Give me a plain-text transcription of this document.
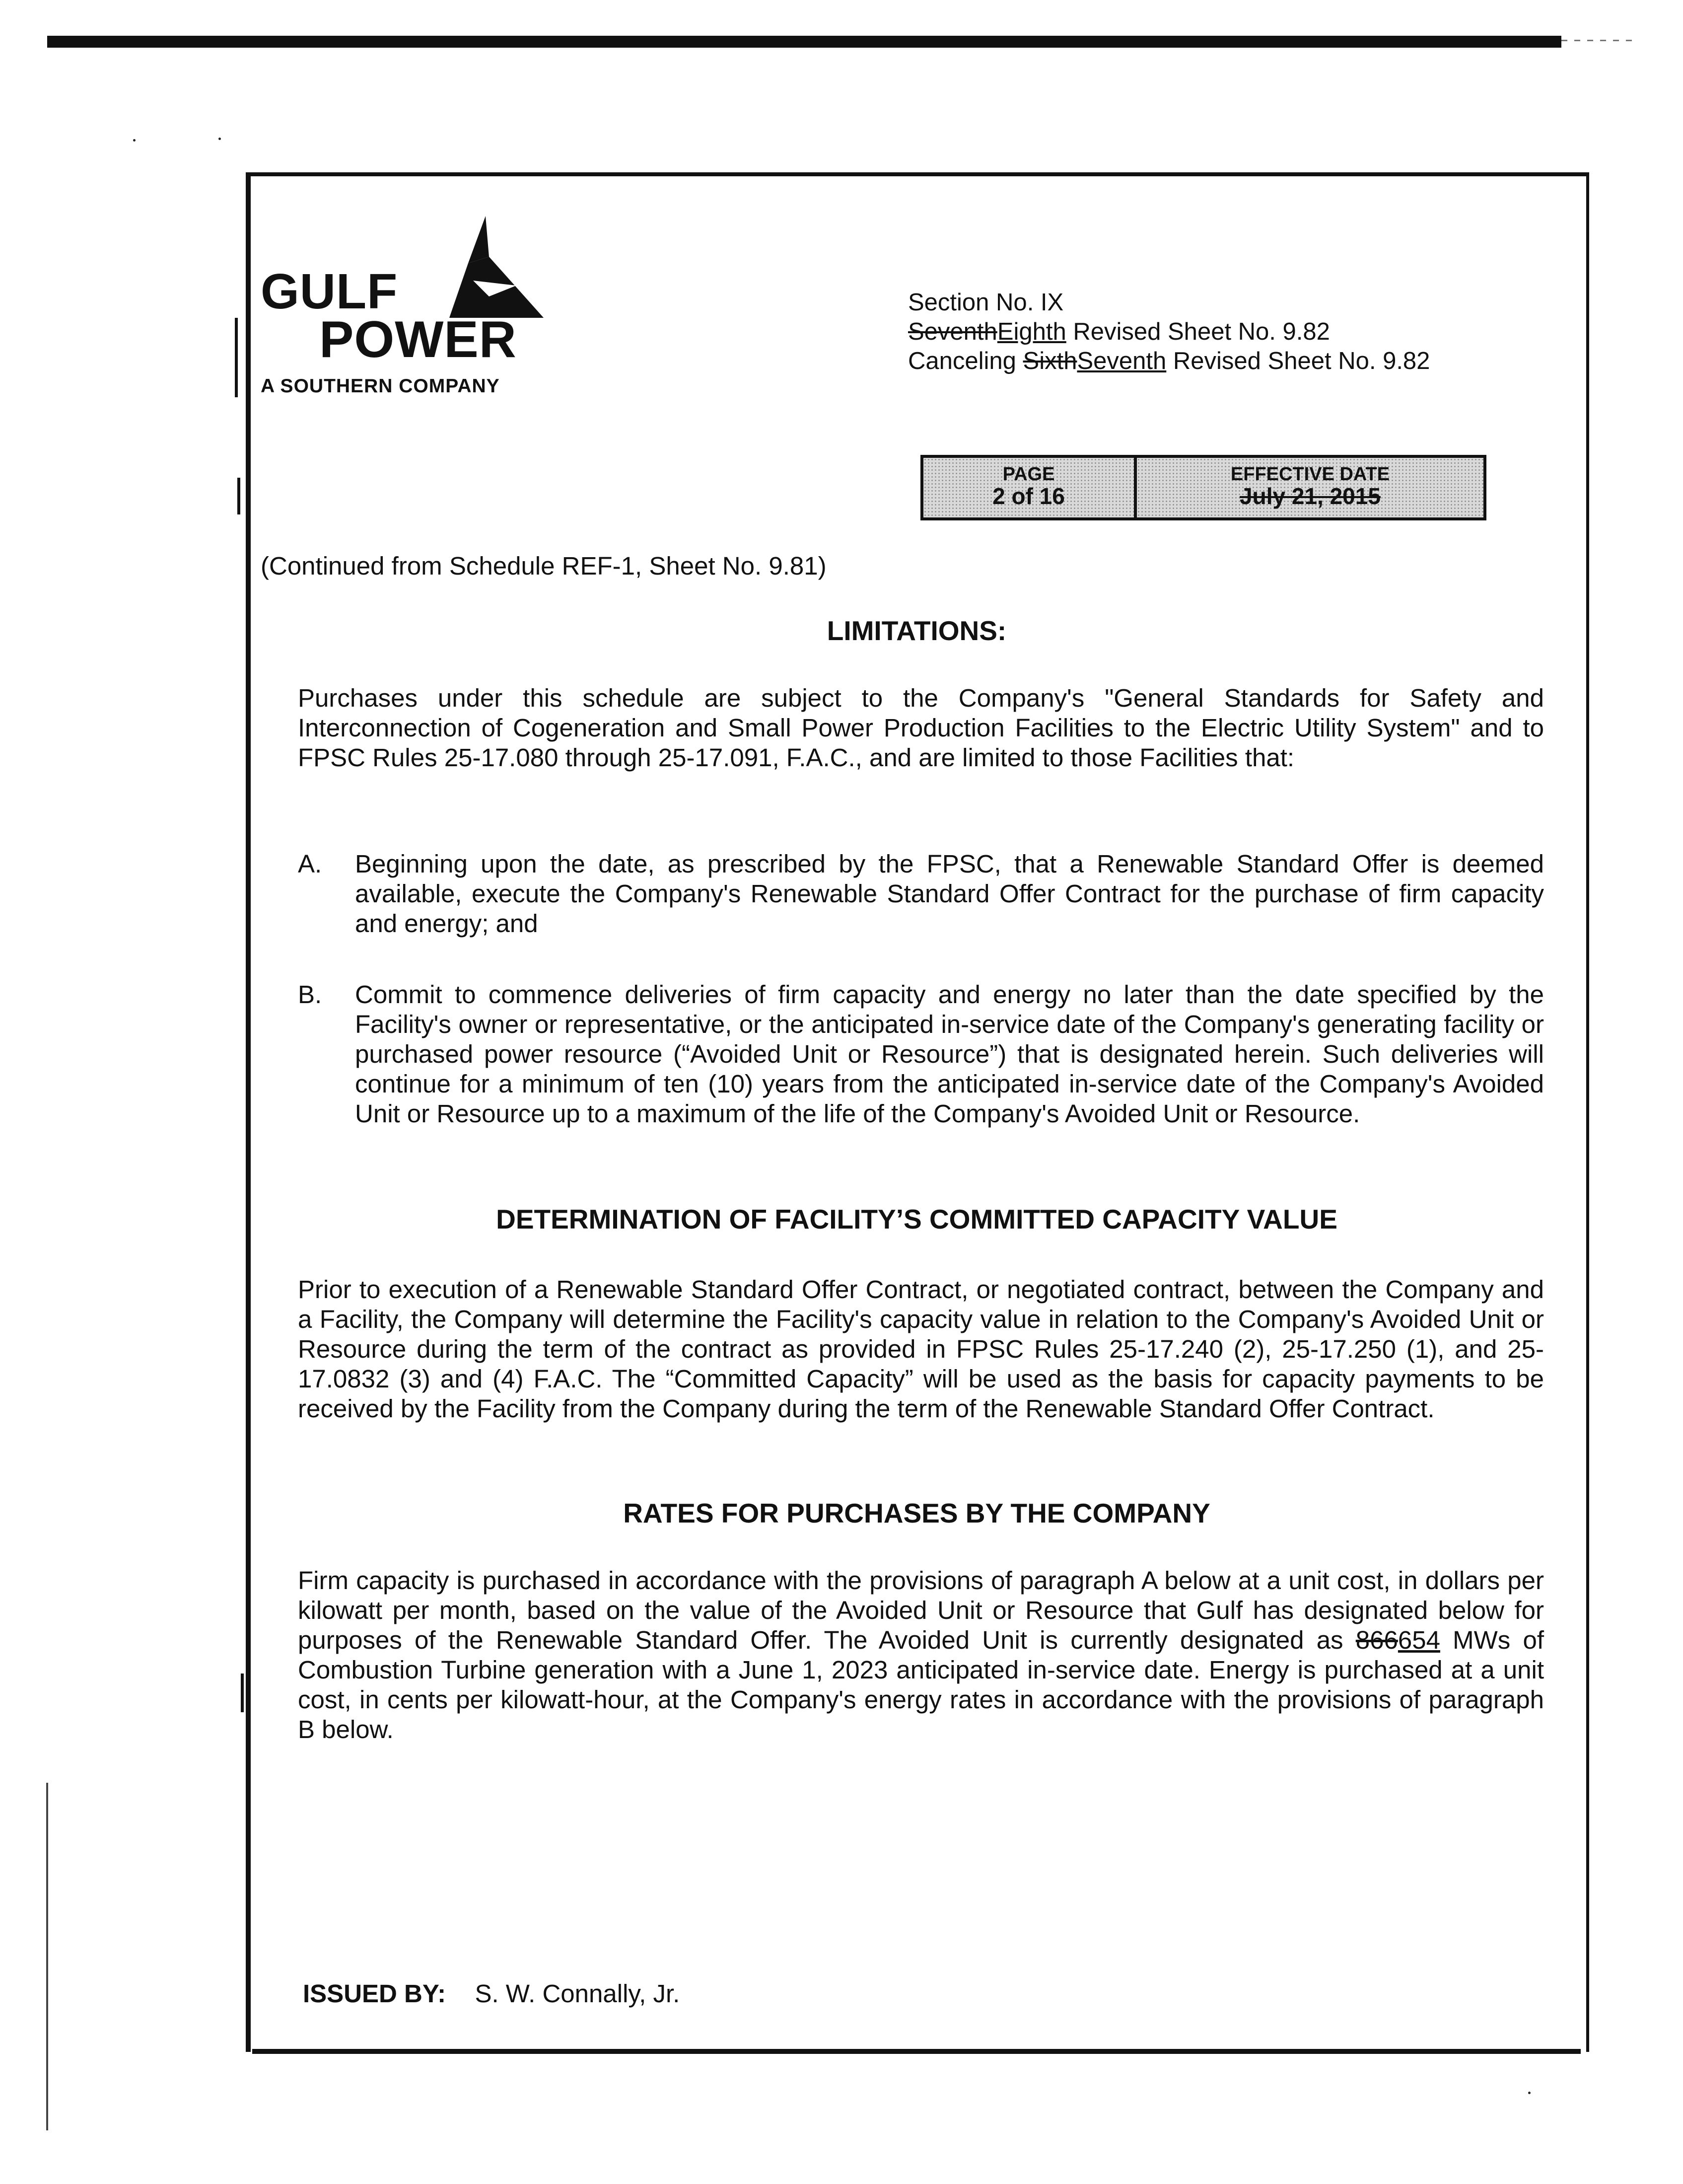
GULF
POWER
A SOUTHERN COMPANY
Section No. IX
SeventhEighth Revised Sheet No. 9.82
Canceling SixthSeventh Revised Sheet No. 9.82
PAGE
2 of 16
EFFECTIVE DATE
July 21, 2015
(Continued from Schedule REF-1, Sheet No. 9.81)
LIMITATIONS:
Purchases under this schedule are subject to the Company's "General Standards for Safety and Interconnection of Cogeneration and Small Power Production Facilities to the Electric Utility System" and to FPSC Rules 25-17.080 through 25-17.091, F.A.C., and are limited to those Facilities that:
A. Beginning upon the date, as prescribed by the FPSC, that a Renewable Standard Offer is deemed available, execute the Company's Renewable Standard Offer Contract for the purchase of firm capacity and energy; and
B. Commit to commence deliveries of firm capacity and energy no later than the date specified by the Facility's owner or representative, or the anticipated in-service date of the Company's generating facility or purchased power resource (“Avoided Unit or Resource”) that is designated herein. Such deliveries will continue for a minimum of ten (10) years from the anticipated in-service date of the Company's Avoided Unit or Resource up to a maximum of the life of the Company's Avoided Unit or Resource.
DETERMINATION OF FACILITY’S COMMITTED CAPACITY VALUE
Prior to execution of a Renewable Standard Offer Contract, or negotiated contract, between the Company and a Facility, the Company will determine the Facility's capacity value in relation to the Company's Avoided Unit or Resource during the term of the contract as provided in FPSC Rules 25-17.240 (2), 25-17.250 (1), and 25-17.0832 (3) and (4) F.A.C. The “Committed Capacity” will be used as the basis for capacity payments to be received by the Facility from the Company during the term of the Renewable Standard Offer Contract.
RATES FOR PURCHASES BY THE COMPANY
Firm capacity is purchased in accordance with the provisions of paragraph A below at a unit cost, in dollars per kilowatt per month, based on the value of the Avoided Unit or Resource that Gulf has designated below for purposes of the Renewable Standard Offer. The Avoided Unit is currently designated as 866654 MWs of Combustion Turbine generation with a June 1, 2023 anticipated in-service date. Energy is purchased at a unit cost, in cents per kilowatt-hour, at the Company's energy rates in accordance with the provisions of paragraph B below.
ISSUED BY: S. W. Connally, Jr.
